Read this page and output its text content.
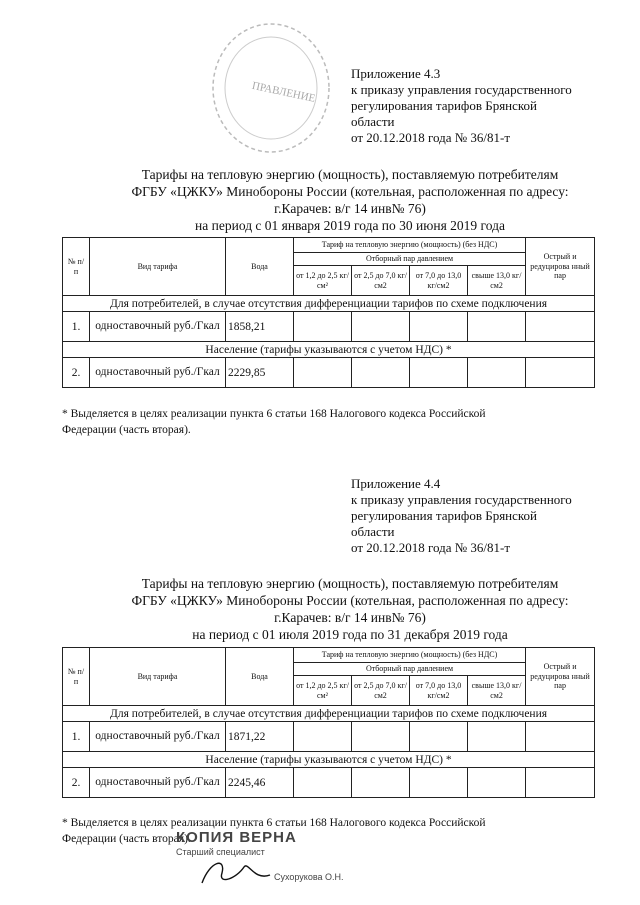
ПРАВЛЕНИЕ
Приложение 4.3
к приказу управления государственного
регулирования тарифов Брянской
области
от 20.12.2018 года № 36/81-т
Тарифы на тепловую энергию (мощность), поставляемую потребителям
ФГБУ «ЦЖКУ» Минобороны России (котельная, расположенная по адресу:
г.Карачев: в/г 14 инв№ 76)
на период с 01 января 2019 года по 30 июня 2019 года
№ п/ п	Вид тарифа	Вода	Тариф на тепловую энергию (мощность) (без НДС)				Острый и редуцирова нный пар
			Отборный пар давлением				
			от 1,2 до 2,5 кг/см²	от 2,5 до 7,0 кг/см2	от 7,0 до 13,0 кг/см2	свыше 13,0 кг/см2	
Для потребителей, в случае отсутствия дифференциации тарифов по схеме подключения							
1.	одноставочный руб./Гкал	1858,21					
Население (тарифы указываются с учетом НДС) *							
2.	одноставочный руб./Гкал	2229,85					
* Выделяется в целях реализации пункта 6 статьи 168 Налогового кодекса Российской
Федерации (часть вторая).
Приложение 4.4
к приказу управления государственного
регулирования тарифов Брянской
области
от 20.12.2018 года № 36/81-т
Тарифы на тепловую энергию (мощность), поставляемую потребителям
ФГБУ «ЦЖКУ» Минобороны России (котельная, расположенная по адресу:
г.Карачев: в/г 14 инв№ 76)
на период с 01 июля 2019 года по 31 декабря 2019 года
№ п/ п	Вид тарифа	Вода	Тариф на тепловую энергию (мощность) (без НДС)				Острый и редуцирова нный пар
			Отборный пар давлением				
			от 1,2 до 2,5 кг/см²	от 2,5 до 7,0 кг/см2	от 7,0 до 13,0 кг/см2	свыше 13,0 кг/см2	
Для потребителей, в случае отсутствия дифференциации тарифов по схеме подключения							
1.	одноставочный руб./Гкал	1871,22					
Население (тарифы указываются с учетом НДС) *							
2.	одноставочный руб./Гкал	2245,46					
* Выделяется в целях реализации пункта 6 статьи 168 Налогового кодекса Российской
Федерации (часть вторая).
КОПИЯ ВЕРНА
Старший специалист
Сухорукова О.Н.
